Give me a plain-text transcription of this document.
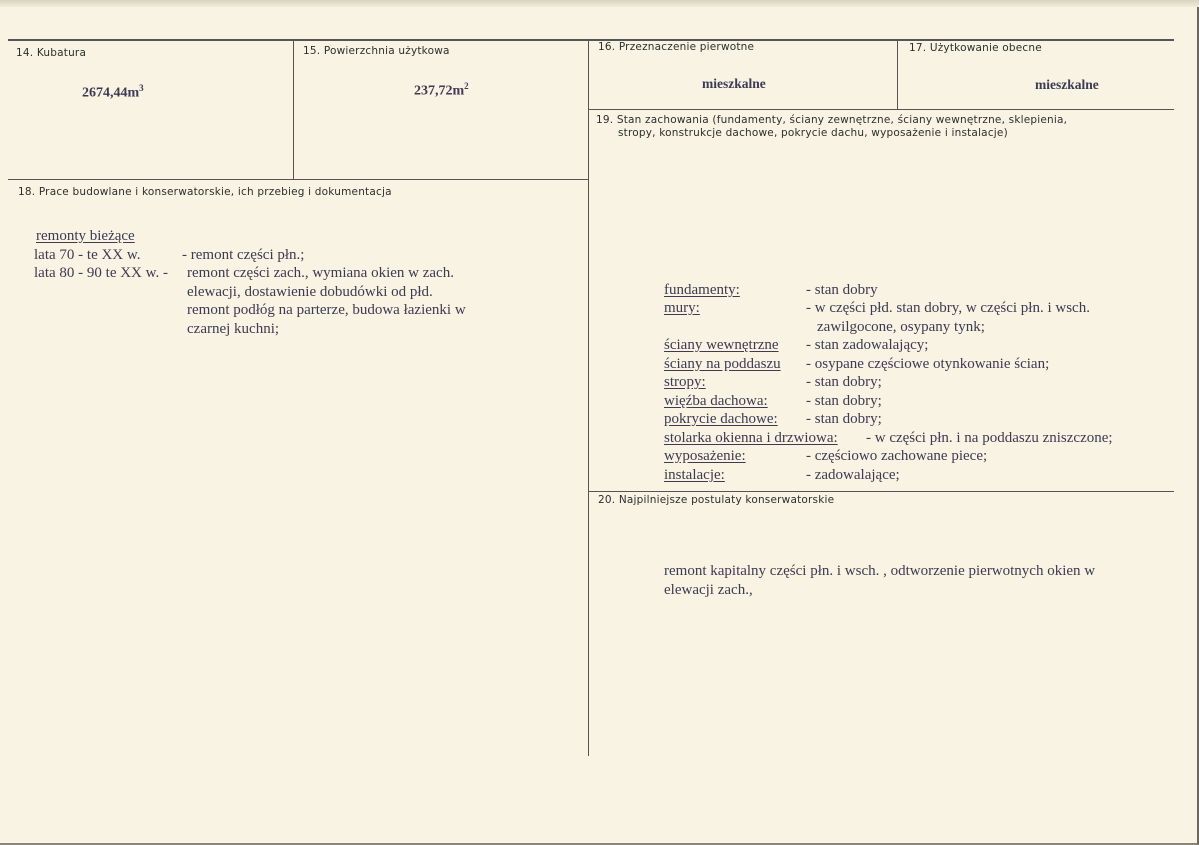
14. Kubatura
$2674,44m^3$
15. Powierzchnia użytkowa
$237,72m^2$
16. Przeznaczenie pierwotne
mieszkalne
17. Użytkowanie obecne
mieszkalne
19. Stan zachowania (fundamenty, ściany zewnętrzne, ściany wewnętrzne, sklepienia,
stropy, konstrukcje dachowe, pokrycie dachu, wyposażenie i instalacje)
18. Prace budowlane i konserwatorskie, ich przebieg i dokumentacja
remonty bieżące
lata 70 - te XX w.	- remont części płn.;
lata 80 - 90 te XX w. - remont części zach., wymiana okien w zach.
elewacji, dostawienie dobudówki od płd.
remont podłóg na parterze, budowa łazienki w
czarnej kuchni;
fundamenty:	- stan dobry
mury:	- w części płd. stan dobry, w części płn. i wsch.
zawilgocone, osypany tynk;
ściany wewnętrzne - stan zadowalający;
ściany na poddaszu - osypane częściowe otynkowanie ścian;
stropy:	- stan dobry;
więźba dachowa:	- stan dobry;
pokrycie dachowe: - stan dobry;
stolarka okienna i drzwiowa: - w części płn. i na poddaszu zniszczone;
wyposażenie:	- częściowo zachowane piece;
instalacje:	- zadowalające;
20. Najpilniejsze postulaty konserwatorskie
remont kapitalny części płn. i wsch. , odtworzenie pierwotnych okien w
elewacji zach.,
